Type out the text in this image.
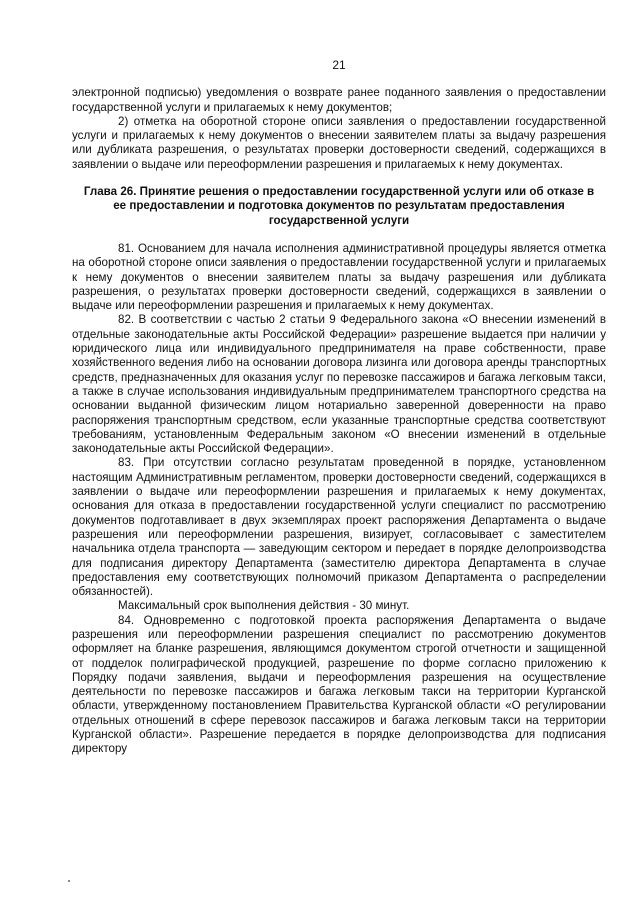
21

электронной подписью) уведомления о возврате ранее поданного заявления о предоставлении государственной услуги и прилагаемых к нему документов;

2) отметка на оборотной стороне описи заявления о предоставлении государственной услуги и прилагаемых к нему документов о внесении заявителем платы за выдачу разрешения или дубликата разрешения, о результатах проверки достоверности сведений, содержащихся в заявлении о выдаче или переоформлении разрешения и прилагаемых к нему документах.

Глава 26. Принятие решения о предоставлении государственной услуги или об отказе в ее предоставлении и подготовка документов по результатам предоставления государственной услуги

81. Основанием для начала исполнения административной процедуры является отметка на оборотной стороне описи заявления о предоставлении государственной услуги и прилагаемых к нему документов о внесении заявителем платы за выдачу разрешения или дубликата разрешения, о результатах проверки достоверности сведений, содержащихся в заявлении о выдаче или переоформлении разрешения и прилагаемых к нему документах.

82. В соответствии с частью 2 статьи 9 Федерального закона «О внесении изменений в отдельные законодательные акты Российской Федерации» разрешение выдается при наличии у юридического лица или индивидуального предпринимателя на праве собственности, праве хозяйственного ведения либо на основании договора лизинга или договора аренды транспортных средств, предназначенных для оказания услуг по перевозке пассажиров и багажа легковым такси, а также в случае использования индивидуальным предпринимателем транспортного средства на основании выданной физическим лицом нотариально заверенной доверенности на право распоряжения транспортным средством, если указанные транспортные средства соответствуют требованиям, установленным Федеральным законом «О внесении изменений в отдельные законодательные акты Российской Федерации».

83. При отсутствии согласно результатам проведенной в порядке, установленном настоящим Административным регламентом, проверки достоверности сведений, содержащихся в заявлении о выдаче или переоформлении разрешения и прилагаемых к нему документах, основания для отказа в предоставлении государственной услуги специалист по рассмотрению документов подготавливает в двух экземплярах проект распоряжения Департамента о выдаче разрешения или переоформлении разрешения, визирует, согласовывает с заместителем начальника отдела транспорта — заведующим сектором и передает в порядке делопроизводства для подписания директору Департамента (заместителю директора Департамента в случае предоставления ему соответствующих полномочий приказом Департамента о распределении обязанностей).

Максимальный срок выполнения действия - 30 минут.

84. Одновременно с подготовкой проекта распоряжения Департамента о выдаче разрешения или переоформлении разрешения специалист по рассмотрению документов оформляет на бланке разрешения, являющимся документом строгой отчетности и защищенной от подделок полиграфической продукцией, разрешение по форме согласно приложению к Порядку подачи заявления, выдачи и переоформления разрешения на осуществление деятельности по перевозке пассажиров и багажа легковым такси на территории Курганской области, утвержденному постановлением Правительства Курганской области «О регулировании отдельных отношений в сфере перевозок пассажиров и багажа легковым такси на территории Курганской области». Разрешение передается в порядке делопроизводства для подписания директору
